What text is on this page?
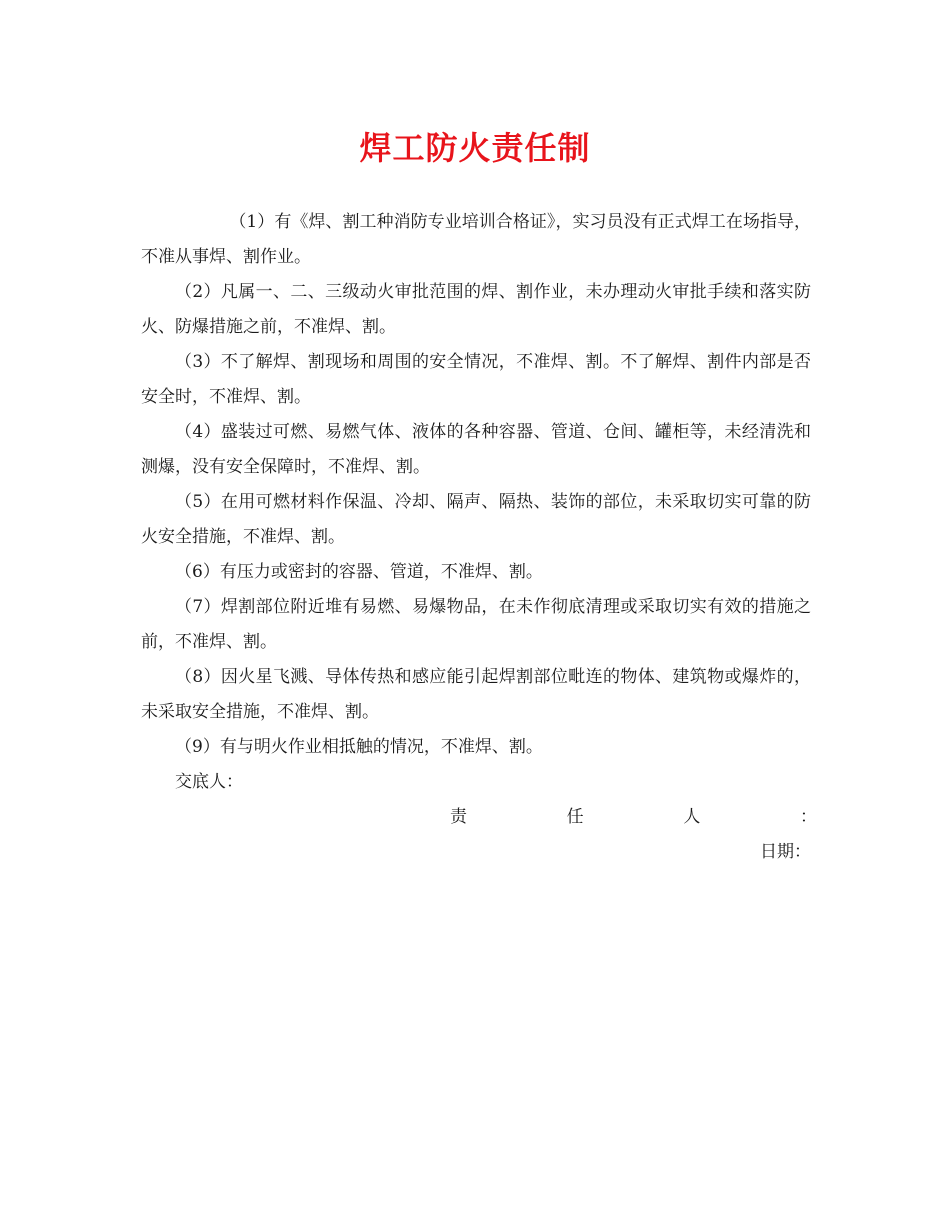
焊工防火责任制

（1）有《焊、割工种消防专业培训合格证》，实习员没有正式焊工在场指导，不准从事焊、割作业。

（2）凡属一、二、三级动火审批范围的焊、割作业，未办理动火审批手续和落实防火、防爆措施之前，不准焊、割。

（3）不了解焊、割现场和周围的安全情况，不准焊、割。不了解焊、割件内部是否安全时，不准焊、割。

（4）盛装过可燃、易燃气体、液体的各种容器、管道、仓间、罐柜等，未经清洗和测爆，没有安全保障时，不准焊、割。

（5）在用可燃材料作保温、冷却、隔声、隔热、装饰的部位，未采取切实可靠的防火安全措施，不准焊、割。

（6）有压力或密封的容器、管道，不准焊、割。

（7）焊割部位附近堆有易燃、易爆物品，在未作彻底清理或采取切实有效的措施之前，不准焊、割。

（8）因火星飞溅、导体传热和感应能引起焊割部位毗连的物体、建筑物或爆炸的，未采取安全措施，不准焊、割。

（9）有与明火作业相抵触的情况，不准焊、割。

交底人：

责	任	人	：

日期：
